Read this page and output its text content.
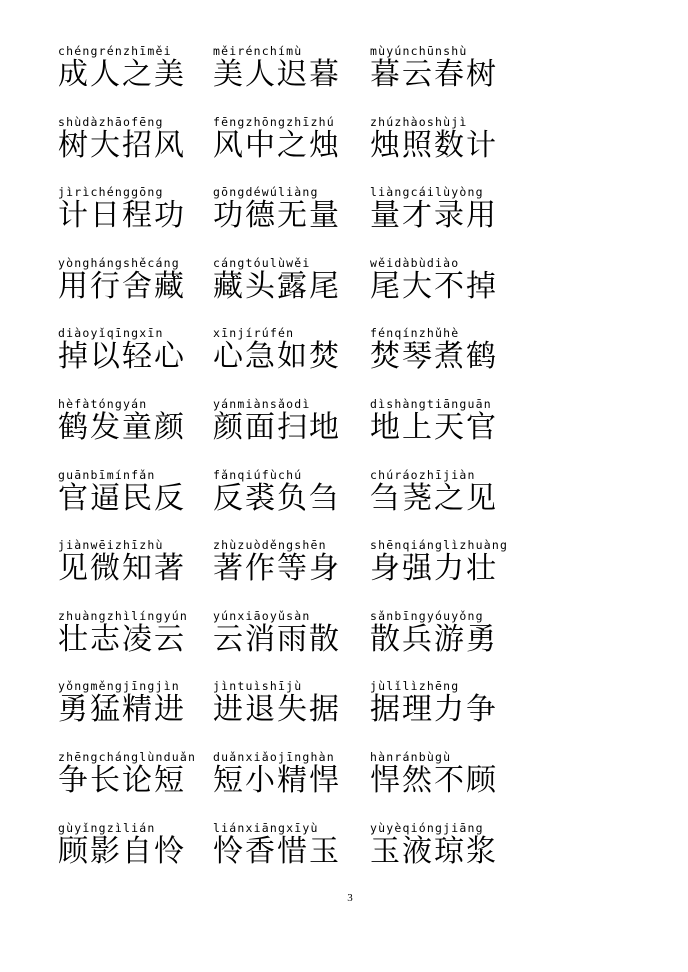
chéngrénzhīměi
成人之美
měirénchímù
美人迟暮
mùyúnchūnshù
暮云春树
shùdàzhāofēng
树大招风
fēngzhōngzhīzhú
风中之烛
zhúzhàoshùjì
烛照数计
jìrìchénggōng
计日程功
gōngdéwúliàng
功德无量
liàngcáilùyòng
量才录用
yònghángshěcáng
用行舍藏
cángtóulùwěi
藏头露尾
wěidàbùdiào
尾大不掉
diàoyǐqīngxīn
掉以轻心
xīnjírúfén
心急如焚
fénqínzhǔhè
焚琴煮鹤
hèfàtóngyán
鹤发童颜
yánmiànsǎodì
颜面扫地
dìshàngtiānguān
地上天官
guānbīmínfǎn
官逼民反
fǎnqiúfùchú
反裘负刍
chúráozhījiàn
刍荛之见
jiànwēizhīzhù
见微知著
zhùzuòděngshēn
著作等身
shēnqiánglìzhuàng
身强力壮
zhuàngzhìlíngyún
壮志凌云
yúnxiāoyǔsàn
云消雨散
sǎnbīngyóuyǒng
散兵游勇
yǒngměngjīngjìn
勇猛精进
jìntuìshījù
进退失据
jùlǐlìzhēng
据理力争
zhēngchánglùnduǎn
争长论短
duǎnxiǎojīnghàn
短小精悍
hànránbùgù
悍然不顾
gùyǐngzìlián
顾影自怜
liánxiāngxīyù
怜香惜玉
yùyèqióngjiāng
玉液琼浆
3
